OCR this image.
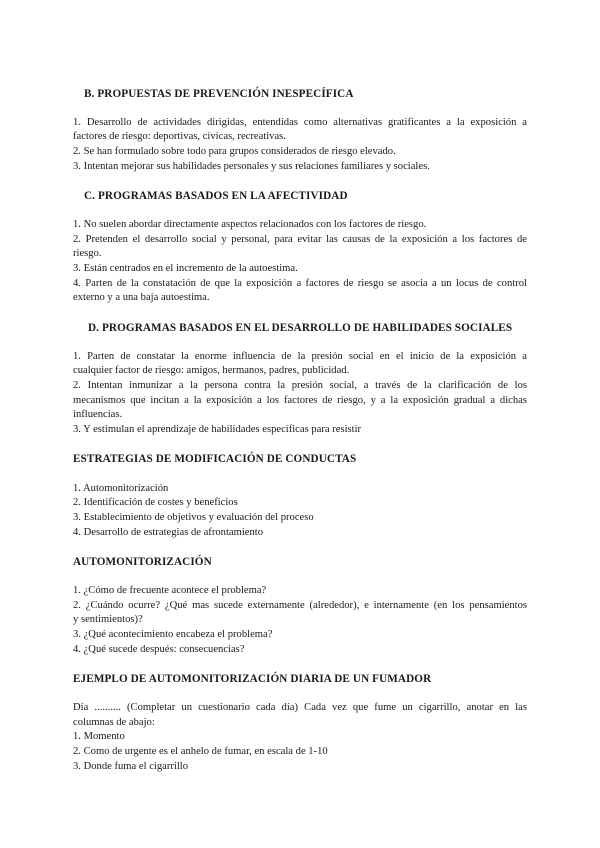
B. PROPUESTAS DE PREVENCIÓN INESPECÍFICA
1. Desarrollo de actividades dirigidas, entendidas como alternativas gratificantes a la exposición a
factores de riesgo: deportivas, cívicas, recreativas.
2. Se han formulado sobre todo para grupos considerados de riesgo elevado.
3. Intentan mejorar sus habilidades personales y sus relaciones familiares y sociales.
C. PROGRAMAS BASADOS EN LA AFECTIVIDAD
1. No suelen abordar directamente aspectos relacionados con los factores de riesgo.
2. Pretenden el desarrollo social y personal, para evitar las causas de la exposición a los factores de
riesgo.
3. Están centrados en el incremento de la autoestima.
4. Parten de la constatación de que la exposición a factores de riesgo se asocia a un locus de control
externo y a una baja autoestima.
D. PROGRAMAS BASADOS EN EL DESARROLLO DE HABILIDADES SOCIALES
1. Parten de constatar la enorme influencia de la presión social en el inicio de la exposición a
cualquier factor de riesgo: amigos, hermanos, padres, publicidad.
2. Intentan inmunizar a la persona contra la presión social, a través de la clarificación de los
mecanismos que incitan a la exposición a los factores de riesgo, y a la exposición gradual a dichas
influencias.
3. Y estimulan el aprendizaje de habilidades específicas para resistir
ESTRATEGIAS DE MODIFICACIÓN DE CONDUCTAS
1. Automonitorización
2. Identificación de costes y beneficios
3. Establecimiento de objetivos y evaluación del proceso
4. Desarrollo de estrategias de afrontamiento
AUTOMONITORIZACIÓN
1. ¿Cómo de frecuente acontece el problema?
2. ¿Cuándo ocurre? ¿Qué mas sucede externamente (alrededor), e internamente (en los pensamientos
y sentimientos)?
3. ¿Qué acontecimiento encabeza el problema?
4. ¿Qué sucede después: consecuencias?
EJEMPLO DE AUTOMONITORIZACIÓN DIARIA DE UN FUMADOR
Día .......... (Completar un cuestionario cada día) Cada vez que fume un cigarrillo, anotar en las
columnas de abajo:
1. Momento
2. Como de urgente es el anhelo de fumar, en escala de 1-10
3. Donde fuma el cigarrillo
